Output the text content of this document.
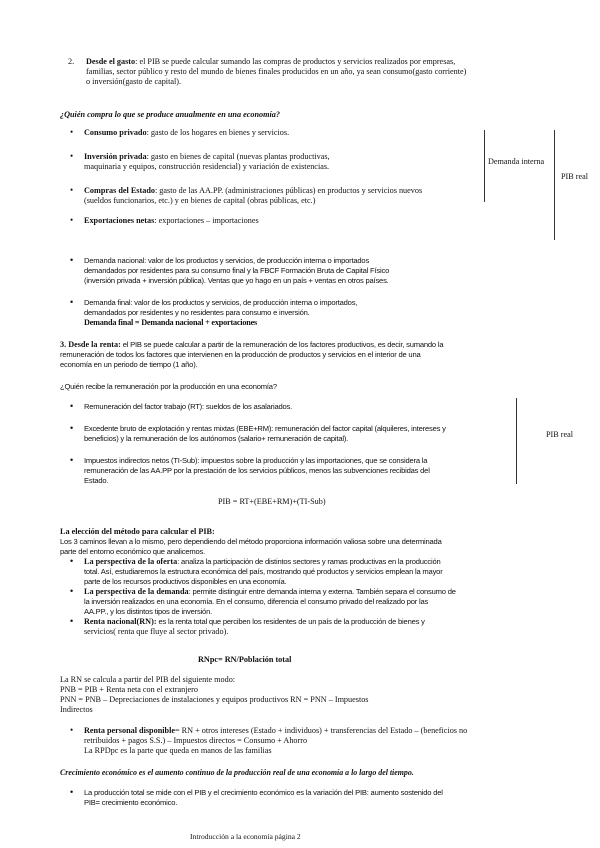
2. Desde el gasto: el PIB se puede calcular sumando las compras de productos y servicios realizados por empresas,
familias, sector público y resto del mundo de bienes finales producidos en un año, ya sean consumo(gasto corriente)
o inversión(gasto de capital).
¿Quién compra lo que se produce anualmente en una economía?
• Consumo privado: gasto de los hogares en bienes y servicios.
• Inversión privada: gasto en bienes de capital (nuevas plantas productivas,
maquinaria y equipos, construcción residencial) y variación de existencias.
• Compras del Estado: gasto de las AA.PP. (administraciones públicas) en productos y servicios nuevos
(sueldos funcionarios, etc.) y en bienes de capital (obras públicas, etc.)
• Exportaciones netas: exportaciones – importaciones
Demanda interna
PIB real
• Demanda nacional: valor de los productos y servicios, de producción interna o importados
demandados por residentes para su consumo final y la FBCF Formación Bruta de Capital Físico
(inversión privada + inversión pública). Ventas que yo hago en un país + ventas en otros países.
• Demanda final: valor de los productos y servicios, de producción interna o importados,
demandados por residentes y no residentes para consumo e inversión.
Demanda final = Demanda nacional + exportaciones
3. Desde la renta: el PIB se puede calcular a partir de la remuneración de los factores productivos, es decir, sumando la
remuneración de todos los factores que intervienen en la producción de productos y servicios en el interior de una
economía en un periodo de tiempo (1 año).
¿Quién recibe la remuneración por la producción en una economía?
• Remuneración del factor trabajo (RT): sueldos de los asalariados.
• Excedente bruto de explotación y rentas mixtas (EBE+RM): remuneración del factor capital (alquileres, intereses y
beneficios) y la remuneración de los autónomos (salario+ remuneración de capital).
• Impuestos indirectos netos (TI-Sub): impuestos sobre la producción y las importaciones, que se considera la
remuneración de las AA.PP por la prestación de los servicios públicos, menos las subvenciones recibidas del
Estado.
PIB real
PIB = RT+(EBE+RM)+(TI-Sub)
La elección del método para calcular el PIB:
Los 3 caminos llevan a lo mismo, pero dependiendo del método proporciona información valiosa sobre una determinada
parte del entorno económico que analicemos.
• La perspectiva de la oferta: analiza la participación de distintos sectores y ramas productivas en la producción
total. Así, estudiaremos la estructura económica del país, mostrando qué productos y servicios emplean la mayor
parte de los recursos productivos disponibles en una economía.
• La perspectiva de la demanda: permite distinguir entre demanda interna y externa. También separa el consumo de
la inversión realizados en una economía. En el consumo, diferencia el consumo privado del realizado por las
AA.PP., y los distintos tipos de inversión.
• Renta nacional(RN): es la renta total que perciben los residentes de un país de la producción de bienes y
servicios( renta que fluye al sector privado).
RNpc= RN/Población total
La RN se calcula a partir del PIB del siguiente modo:
PNB = PIB + Renta neta con el extranjero
PNN = PNB – Depreciaciones de instalaciones y equipos productivos RN = PNN – Impuestos
Indirectos
• Renta personal disponible= RN + otros intereses (Estado + individuos) + transferencias del Estado – (beneficios no
retribuidos + pagos S.S.) – Impuestos directos = Consumo + Ahorro
La RPDpc es la parte que queda en manos de las familias
Crecimiento económico es el aumento continuo de la producción real de una economía a lo largo del tiempo.
• La producción total se mide con el PIB y el crecimiento económico es la variación del PIB: aumento sostenido del
PIB= crecimiento económico.
Introducción a la economía página 2
